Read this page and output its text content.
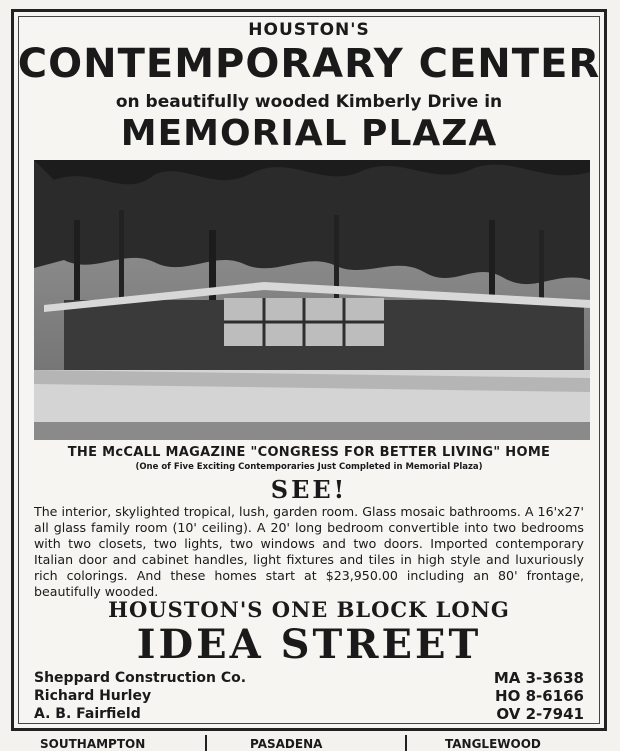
HOUSTON'S
CONTEMPORARY CENTER
on beautifully wooded Kimberly Drive in
MEMORIAL PLAZA
THE McCALL MAGAZINE "CONGRESS FOR BETTER LIVING" HOME
(One of Five Exciting Contemporaries Just Completed in Memorial Plaza)
SEE!
The interior, skylighted tropical, lush, garden room. Glass mosaic bathrooms. A 16'x27' all glass family room (10' ceiling). A 20' long bedroom convertible into two bedrooms with two closets, two lights, two windows and two doors. Imported contemporary Italian door and cabinet handles, light fixtures and tiles in high style and luxuriously rich colorings. And these homes start at $23,950.00 including an 80' frontage, beautifully wooded.
HOUSTON'S ONE BLOCK LONG
IDEA STREET
Sheppard Construction Co.
Richard Hurley
A. B. Fairfield
MA 3-3638
HO 8-6166
OV 2-7941
SOUTHAMPTON	PASADENA	TANGLEWOOD
